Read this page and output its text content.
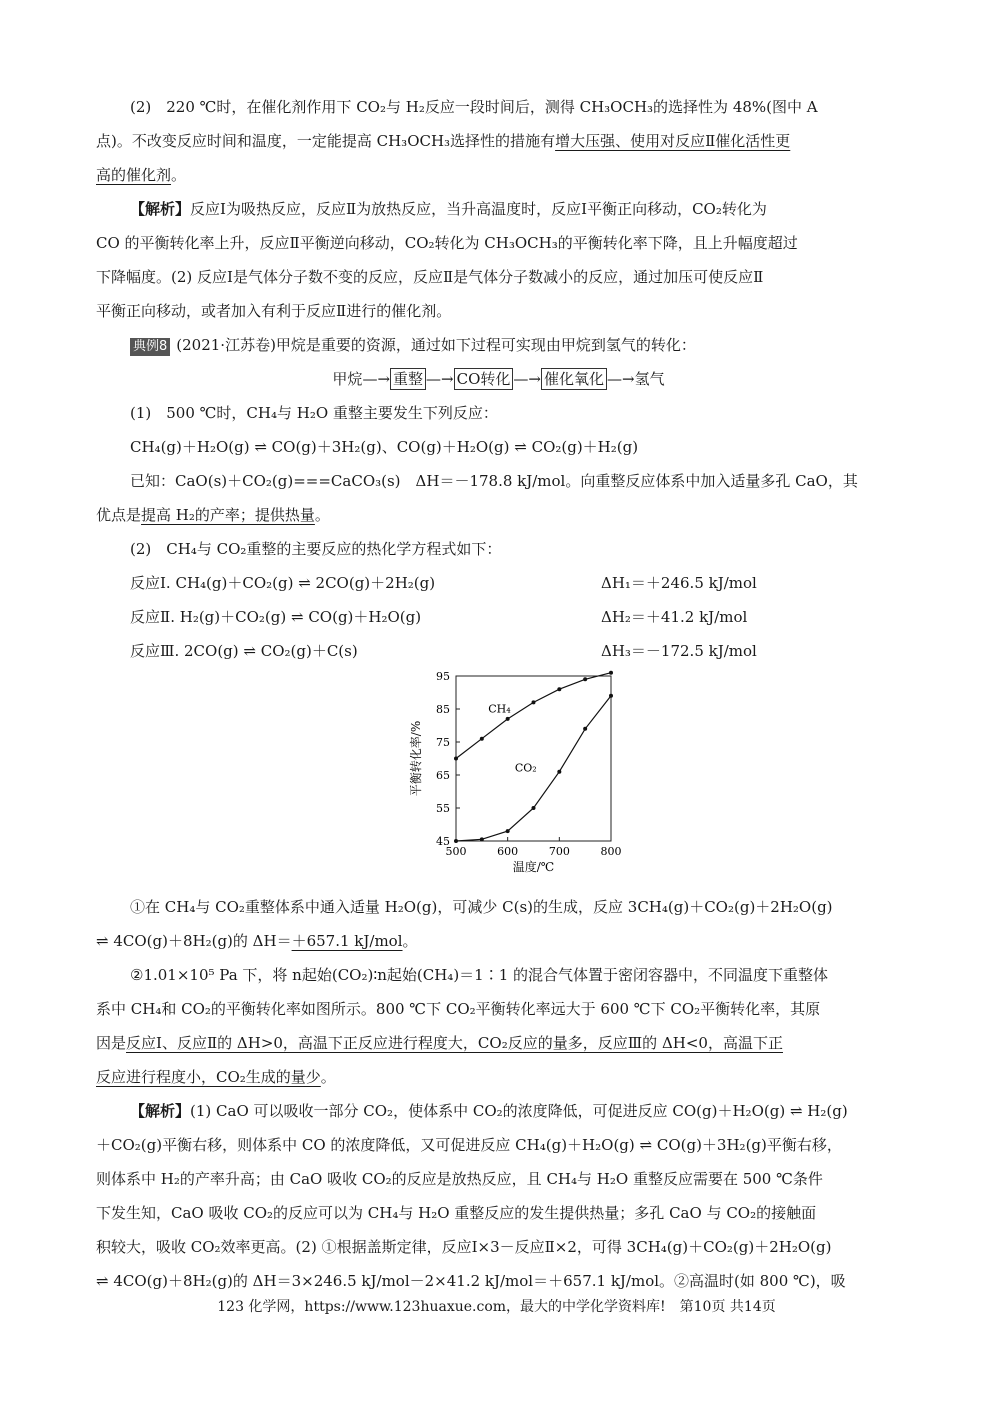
(2)　220 ℃时，在催化剂作用下 CO₂与 H₂反应一段时间后，测得 CH₃OCH₃的选择性为 48%(图中 A
点)。不改变反应时间和温度，一定能提高 CH₃OCH₃选择性的措施有增大压强、使用对反应Ⅱ催化活性更
高的催化剂。
【解析】反应Ⅰ为吸热反应，反应Ⅱ为放热反应，当升高温度时，反应Ⅰ平衡正向移动，CO₂转化为
CO 的平衡转化率上升，反应Ⅱ平衡逆向移动，CO₂转化为 CH₃OCH₃的平衡转化率下降，且上升幅度超过
下降幅度。(2) 反应Ⅰ是气体分子数不变的反应，反应Ⅱ是气体分子数减小的反应，通过加压可使反应Ⅱ
平衡正向移动，或者加入有利于反应Ⅱ进行的催化剂。
典例8 (2021·江苏卷)甲烷是重要的资源，通过如下过程可实现由甲烷到氢气的转化：
甲烷—→ 重整 —→ CO转化 —→ 催化氧化 —→氢气
(1)　500 ℃时，CH₄与 H₂O 重整主要发生下列反应：
CH₄(g)＋H₂O(g) ⇌ CO(g)＋3H₂(g)、CO(g)＋H₂O(g) ⇌ CO₂(g)＋H₂(g)
已知：CaO(s)＋CO₂(g)===CaCO₃(s)　ΔH＝－178.8 kJ/mol。向重整反应体系中加入适量多孔 CaO，其
优点是提高 H₂的产率；提供热量。
(2)　CH₄与 CO₂重整的主要反应的热化学方程式如下：
反应Ⅰ. CH₄(g)＋CO₂(g) ⇌ 2CO(g)＋2H₂(g)	ΔH₁＝＋246.5 kJ/mol
反应Ⅱ. H₂(g)＋CO₂(g) ⇌ CO(g)＋H₂O(g)	ΔH₂＝＋41.2 kJ/mol
反应Ⅲ. 2CO(g) ⇌ CO₂(g)＋C(s)	ΔH₃＝－172.5 kJ/mol
500	600	700	800
45
55
65
75
85
95
温度/℃
平衡转化率/%
CH₄
CO₂
①在 CH₄与 CO₂重整体系中通入适量 H₂O(g)，可减少 C(s)的生成，反应 3CH₄(g)＋CO₂(g)＋2H₂O(g)
⇌ 4CO(g)＋8H₂(g)的 ΔH＝＋657.1 kJ/mol。
②1.01×10⁵ Pa 下，将 n起始(CO₂)∶n起始(CH₄)＝1∶1 的混合气体置于密闭容器中，不同温度下重整体
系中 CH₄和 CO₂的平衡转化率如图所示。800 ℃下 CO₂平衡转化率远大于 600 ℃下 CO₂平衡转化率，其原
因是反应Ⅰ、反应Ⅱ的 ΔH>0，高温下正反应进行程度大，CO₂反应的量多，反应Ⅲ的 ΔH<0，高温下正
反应进行程度小，CO₂生成的量少。
【解析】(1) CaO 可以吸收一部分 CO₂，使体系中 CO₂的浓度降低，可促进反应 CO(g)＋H₂O(g) ⇌ H₂(g)
＋CO₂(g)平衡右移，则体系中 CO 的浓度降低，又可促进反应 CH₄(g)＋H₂O(g) ⇌ CO(g)＋3H₂(g)平衡右移，
则体系中 H₂的产率升高；由 CaO 吸收 CO₂的反应是放热反应，且 CH₄与 H₂O 重整反应需要在 500 ℃条件
下发生知，CaO 吸收 CO₂的反应可以为 CH₄与 H₂O 重整反应的发生提供热量；多孔 CaO 与 CO₂的接触面
积较大，吸收 CO₂效率更高。(2) ①根据盖斯定律，反应Ⅰ×3－反应Ⅱ×2，可得 3CH₄(g)＋CO₂(g)＋2H₂O(g)
⇌ 4CO(g)＋8H₂(g)的 ΔH＝3×246.5 kJ/mol－2×41.2 kJ/mol＝＋657.1 kJ/mol。②高温时(如 800 ℃)，吸
123 化学网，https://www.123huaxue.com，最大的中学化学资料库!　第10页 共14页
